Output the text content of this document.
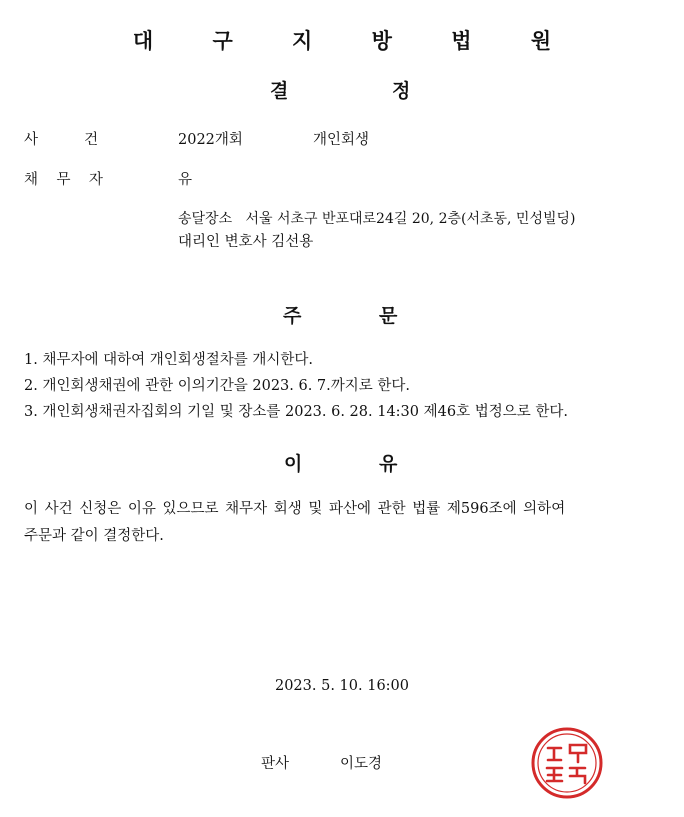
대 구 지 방 법 원
결	정
사          건	2022개회	개인회생
채    무    자	유
송달장소   서울 서초구 반포대로24길 20, 2층(서초동, 민성빌딩)
대리인 변호사 김선용
주	문
1. 채무자에 대하여 개인회생절차를 개시한다.
2. 개인회생채권에 관한 이의기간을 2023. 6. 7.까지로 한다.
3. 개인회생채권자집회의 기일 및 장소를 2023. 6. 28. 14:30 제46호 법정으로 한다.
이	유
이 사건 신청은 이유 있으므로 채무자 회생 및 파산에 관한 법률 제596조에 의하여
주문과 같이 결정한다.
2023. 5. 10. 16:00
판사	이도경
